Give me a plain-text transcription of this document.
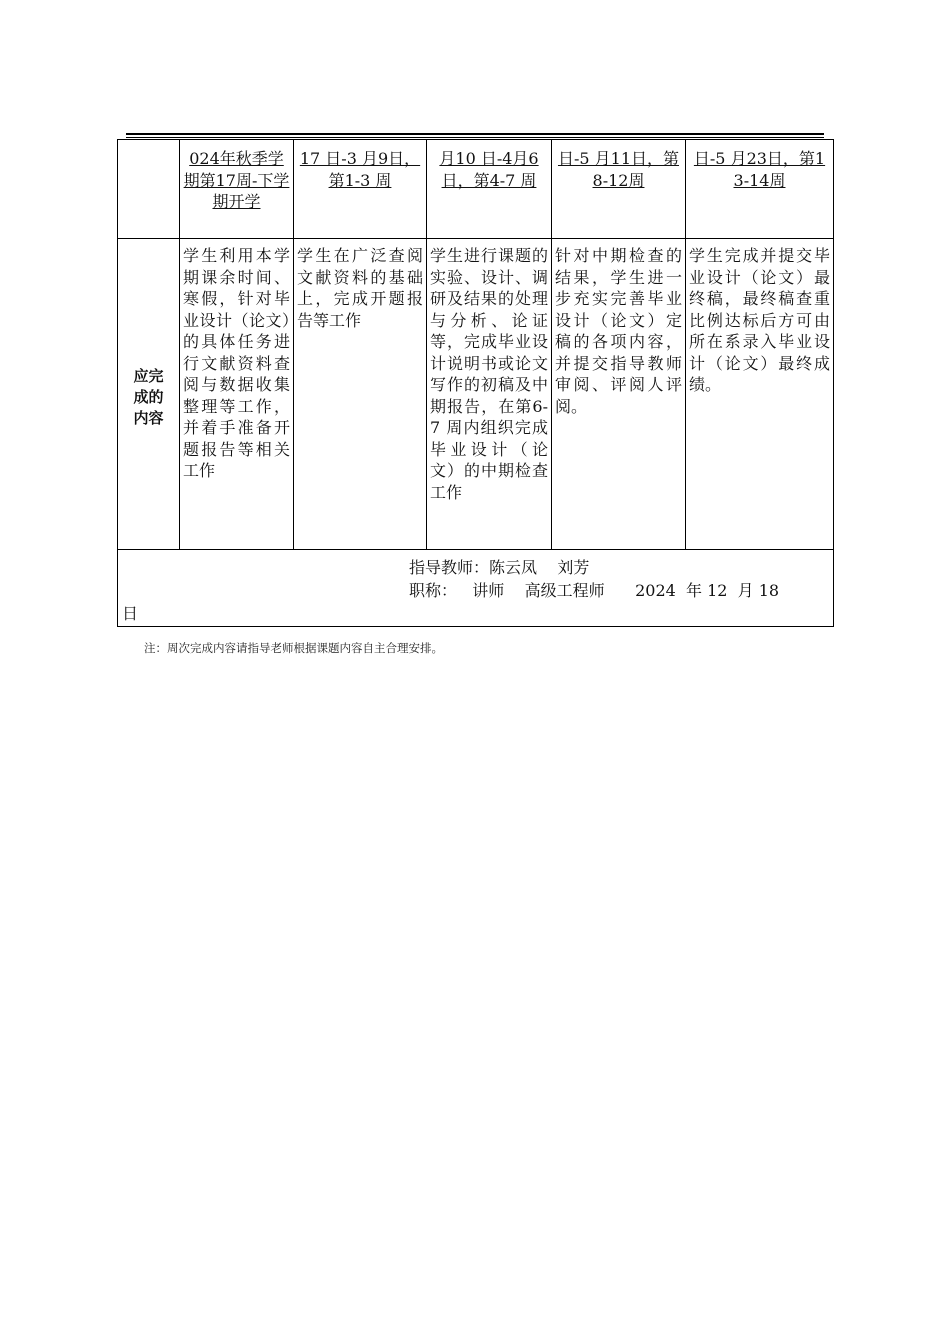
	024年秋季学期第17周-下学期开学	17 日-3 月9日，第1-3 周	月10 日-4月6 日，第4-7 周	日-5 月11日，第8-12周	日-5 月23日，第13-14周
应完成的内容	学生利用本学期课余时间、寒假，针对毕业设计（论文）的具体任务进行文献资料查阅与数据收集整理等工作，并着手准备开题报告等相关工作	学生在广泛查阅文献资料的基础上，完成开题报告等工作	学生进行课题的实验、设计、调研及结果的处理与分析、论证等，完成毕业设计说明书或论文写作的初稿及中期报告，在第6-7 周内组织完成毕业设计（论文）的中期检查工作	针对中期检查的结果，学生进一步充实完善毕业设计（论文）定稿的各项内容，并提交指导教师审阅、评阅人评阅。	学生完成并提交毕业设计（论文）最终稿，最终稿查重比例达标后方可由所在系录入毕业设计（论文）最终成绩。

指导教师：陈云凤    刘芳
职称：   讲师    高级工程师      2024  年 12  月 18
日					
注：周次完成内容请指导老师根据课题内容自主合理安排。
